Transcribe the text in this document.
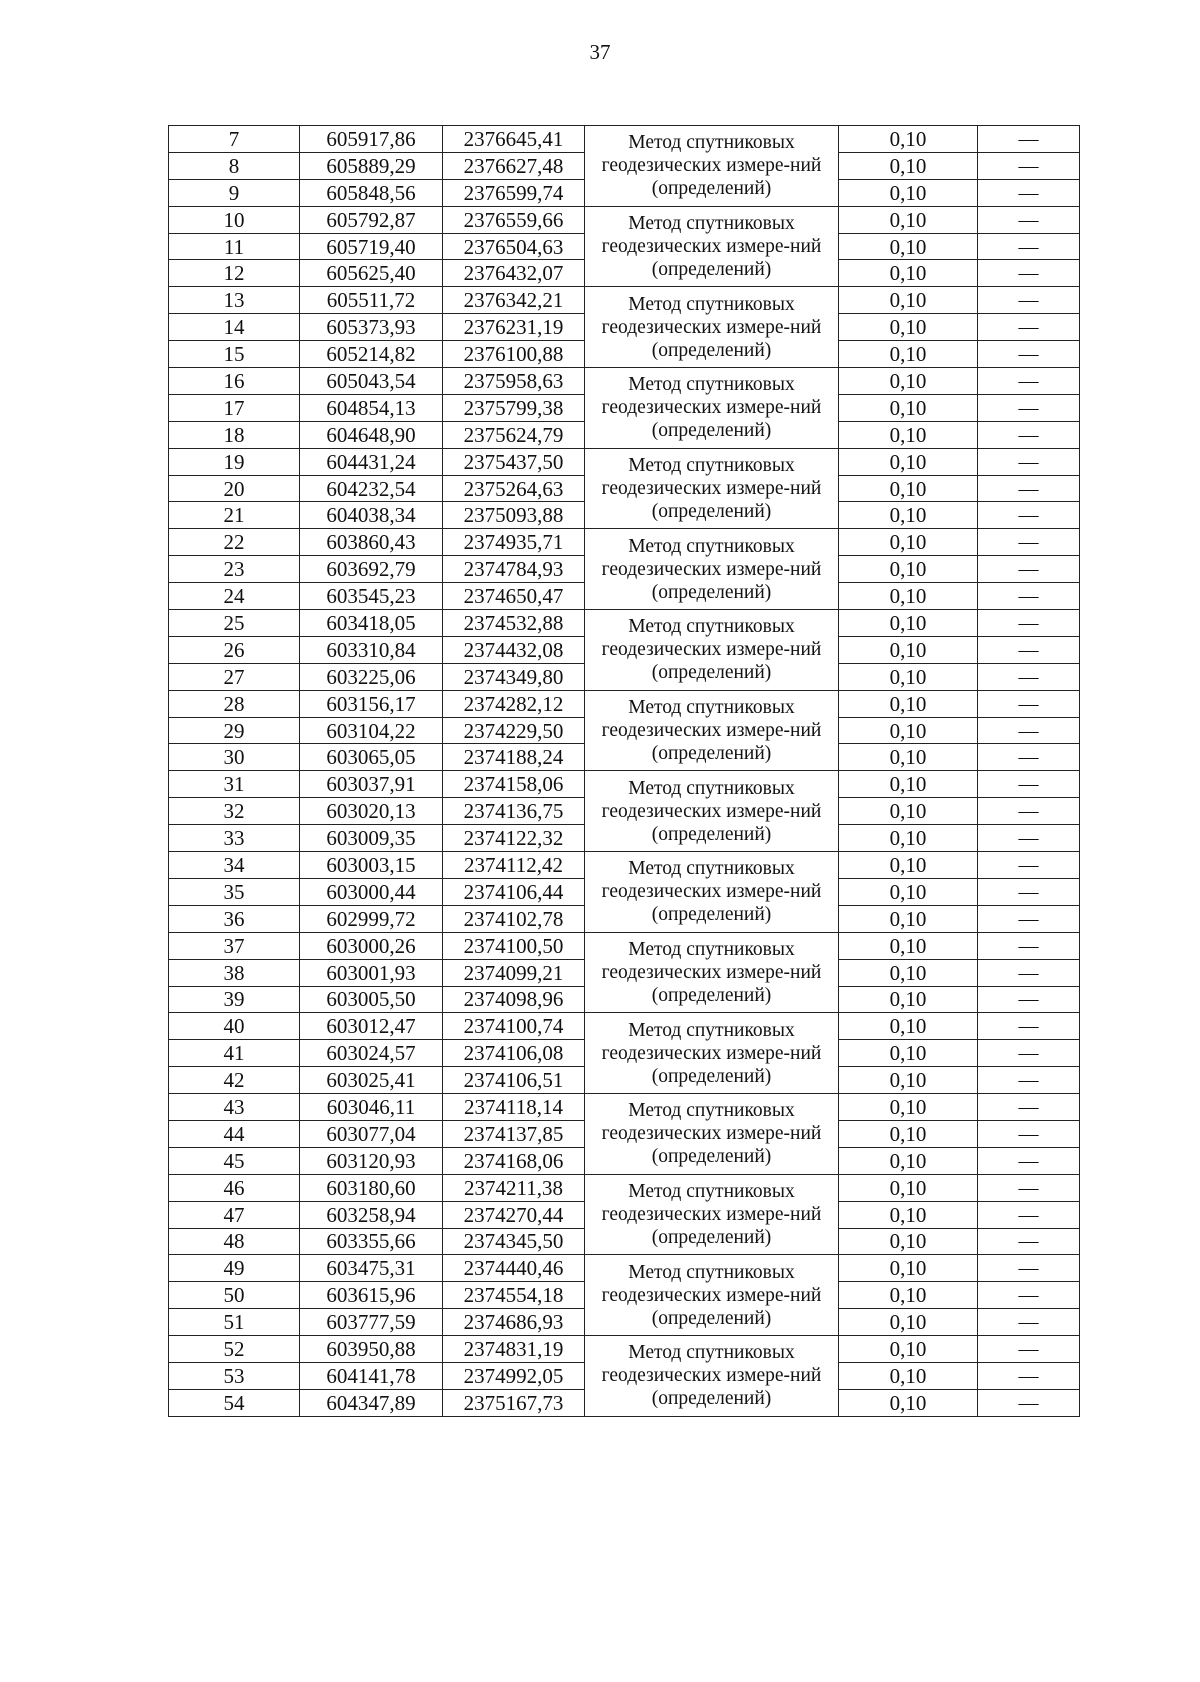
37
7	605917,86	2376645,41	Метод спутниковых геодезических измере-ний (определений)	0,10	—
8	605889,29	2376627,48		0,10	—
9	605848,56	2376599,74		0,10	—
10	605792,87	2376559,66	Метод спутниковых геодезических измере-ний (определений)	0,10	—
11	605719,40	2376504,63		0,10	—
12	605625,40	2376432,07		0,10	—
13	605511,72	2376342,21	Метод спутниковых геодезических измере-ний (определений)	0,10	—
14	605373,93	2376231,19		0,10	—
15	605214,82	2376100,88		0,10	—
16	605043,54	2375958,63	Метод спутниковых геодезических измере-ний (определений)	0,10	—
17	604854,13	2375799,38		0,10	—
18	604648,90	2375624,79		0,10	—
19	604431,24	2375437,50	Метод спутниковых геодезических измере-ний (определений)	0,10	—
20	604232,54	2375264,63		0,10	—
21	604038,34	2375093,88		0,10	—
22	603860,43	2374935,71	Метод спутниковых геодезических измере-ний (определений)	0,10	—
23	603692,79	2374784,93		0,10	—
24	603545,23	2374650,47		0,10	—
25	603418,05	2374532,88	Метод спутниковых геодезических измере-ний (определений)	0,10	—
26	603310,84	2374432,08		0,10	—
27	603225,06	2374349,80		0,10	—
28	603156,17	2374282,12	Метод спутниковых геодезических измере-ний (определений)	0,10	—
29	603104,22	2374229,50		0,10	—
30	603065,05	2374188,24		0,10	—
31	603037,91	2374158,06	Метод спутниковых геодезических измере-ний (определений)	0,10	—
32	603020,13	2374136,75		0,10	—
33	603009,35	2374122,32		0,10	—
34	603003,15	2374112,42	Метод спутниковых геодезических измере-ний (определений)	0,10	—
35	603000,44	2374106,44		0,10	—
36	602999,72	2374102,78		0,10	—
37	603000,26	2374100,50	Метод спутниковых геодезических измере-ний (определений)	0,10	—
38	603001,93	2374099,21		0,10	—
39	603005,50	2374098,96		0,10	—
40	603012,47	2374100,74	Метод спутниковых геодезических измере-ний (определений)	0,10	—
41	603024,57	2374106,08		0,10	—
42	603025,41	2374106,51		0,10	—
43	603046,11	2374118,14	Метод спутниковых геодезических измере-ний (определений)	0,10	—
44	603077,04	2374137,85		0,10	—
45	603120,93	2374168,06		0,10	—
46	603180,60	2374211,38	Метод спутниковых геодезических измере-ний (определений)	0,10	—
47	603258,94	2374270,44		0,10	—
48	603355,66	2374345,50		0,10	—
49	603475,31	2374440,46	Метод спутниковых геодезических измере-ний (определений)	0,10	—
50	603615,96	2374554,18		0,10	—
51	603777,59	2374686,93		0,10	—
52	603950,88	2374831,19	Метод спутниковых геодезических измере-ний (определений)	0,10	—
53	604141,78	2374992,05		0,10	—
54	604347,89	2375167,73		0,10	—
